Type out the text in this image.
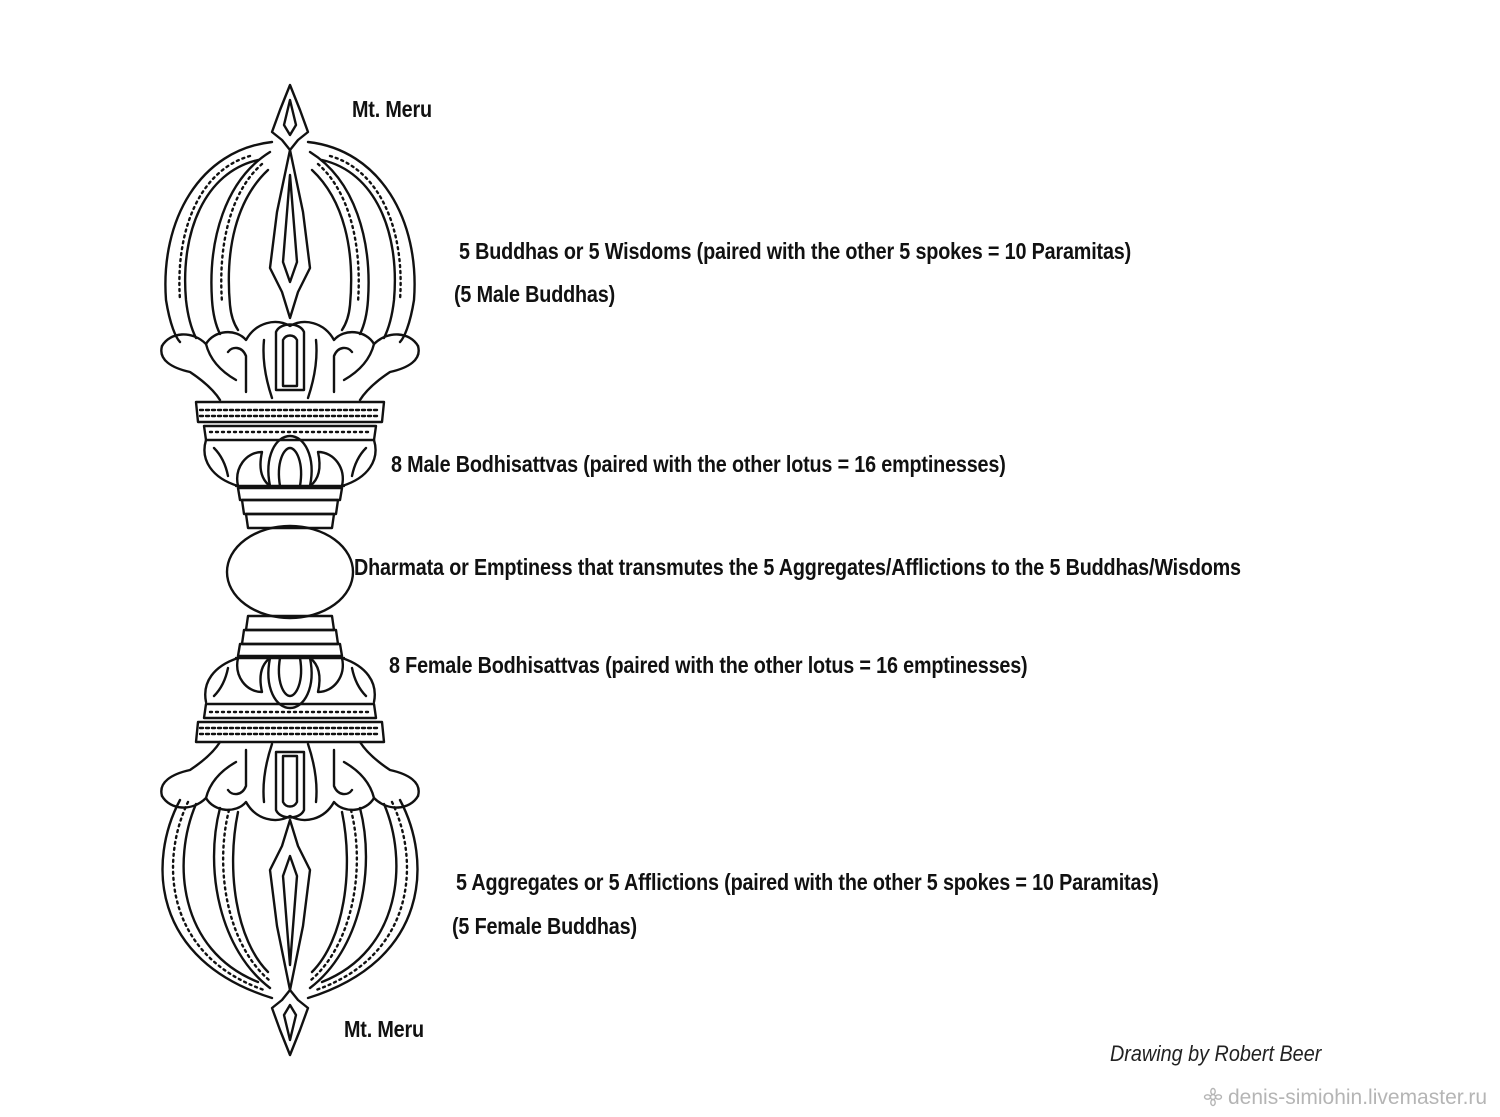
Mt. Meru
5 Buddhas or 5 Wisdoms (paired with the other 5 spokes = 10 Paramitas)
(5 Male Buddhas)
8 Male Bodhisattvas (paired with the other lotus = 16 emptinesses)
Dharmata or Emptiness that transmutes the 5 Aggregates/Afflictions to the 5 Buddhas/Wisdoms
8 Female Bodhisattvas (paired with the other lotus = 16 emptinesses)
5 Aggregates or 5 Afflictions (paired with the other 5 spokes = 10 Paramitas)
(5 Female Buddhas)
Mt. Meru
Drawing by Robert Beer
denis-simiohin.livemaster.ru
